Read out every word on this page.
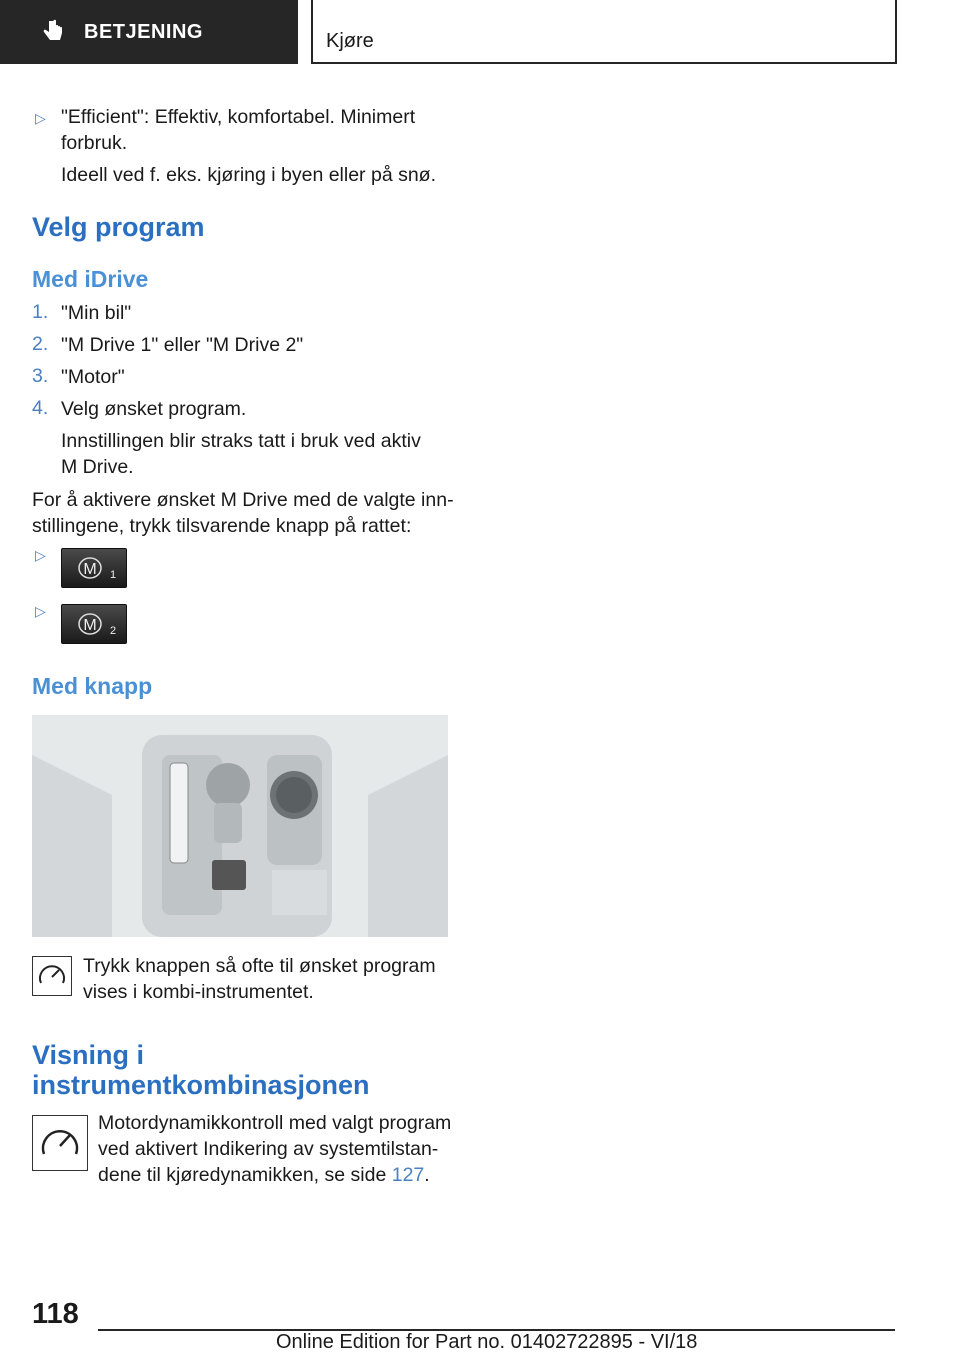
BETJENING	Kjøre
▷ "Efficient": Effektiv, komfortabel. Minimert
forbruk.
Ideell ved f. eks. kjøring i byen eller på snø.
Velg program
Med iDrive
1. "Min bil"
2. "M Drive 1" eller "M Drive 2"
3. "Motor"
4. Velg ønsket program.
Innstillingen blir straks tatt i bruk ved aktiv
M Drive.
For å aktivere ønsket M Drive med de valgte inn-
stillingene, trykk tilsvarende knapp på rattet:
▷
M 1
▷
M 2
Med knapp
Trykk knappen så ofte til ønsket program
vises i kombi-instrumentet.
Visning i
instrumentkombinasjonen
Motordynamikkontroll med valgt program
ved aktivert Indikering av systemtilstan-
dene til kjøredynamikken, se side 127.
118
Online Edition for Part no. 01402722895 - VI/18
